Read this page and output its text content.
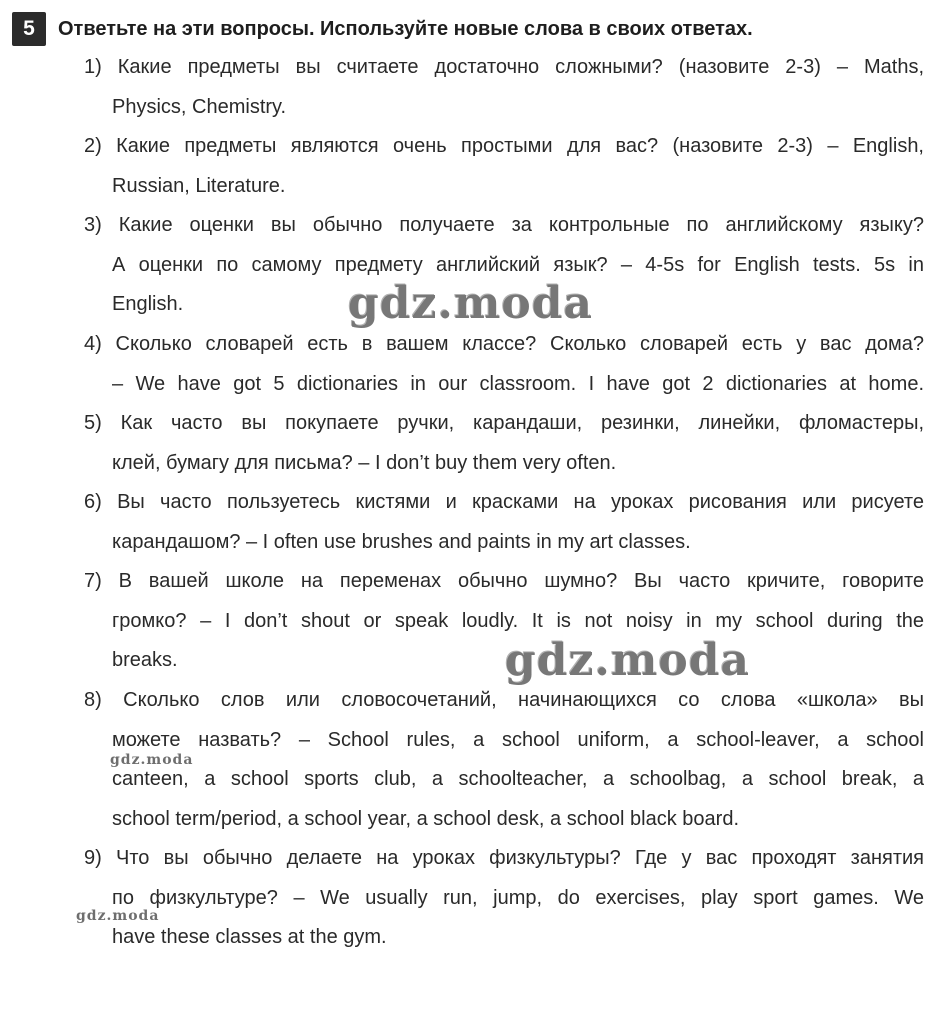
5	Ответьте на эти вопросы. Используйте новые слова в своих ответах.
1) Какие предметы вы считаете достаточно сложными? (назовите 2-3) – Maths,
Physics, Chemistry.
2) Какие предметы являются очень простыми для вас? (назовите 2-3) – English,
Russian, Literature.
3) Какие оценки вы обычно получаете за контрольные по английскому языку?
А оценки по самому предмету английский язык? – 4-5s for English tests. 5s in
English.
4) Сколько словарей есть в вашем классе? Сколько словарей есть у вас дома?
– We have got 5 dictionaries in our classroom. I have got 2 dictionaries at home.
5) Как часто вы покупаете ручки, карандаши, резинки, линейки, фломастеры,
клей, бумагу для письма? – I don’t buy them very often.
6) Вы часто пользуетесь кистями и красками на уроках рисования или рисуете
карандашом? – I often use brushes and paints in my art classes.
7) В вашей школе на переменах обычно шумно? Вы часто кричите, говорите
громко? – I don’t shout or speak loudly. It is not noisy in my school during the
breaks.
8) Сколько слов или словосочетаний, начинающихся со слова «школа» вы
можете назвать? – School rules, a school uniform, a school-leaver, a school
canteen, a school sports club, a schoolteacher, a schoolbag, a school break, a
school term/period, a school year, a school desk, a school black board.
9) Что вы обычно делаете на уроках физкультуры? Где у вас проходят занятия
по физкультуре? – We usually run, jump, do exercises, play sport games. We
have these classes at the gym.
gdz.moda
gdz.moda
gdz.moda
gdz.moda
